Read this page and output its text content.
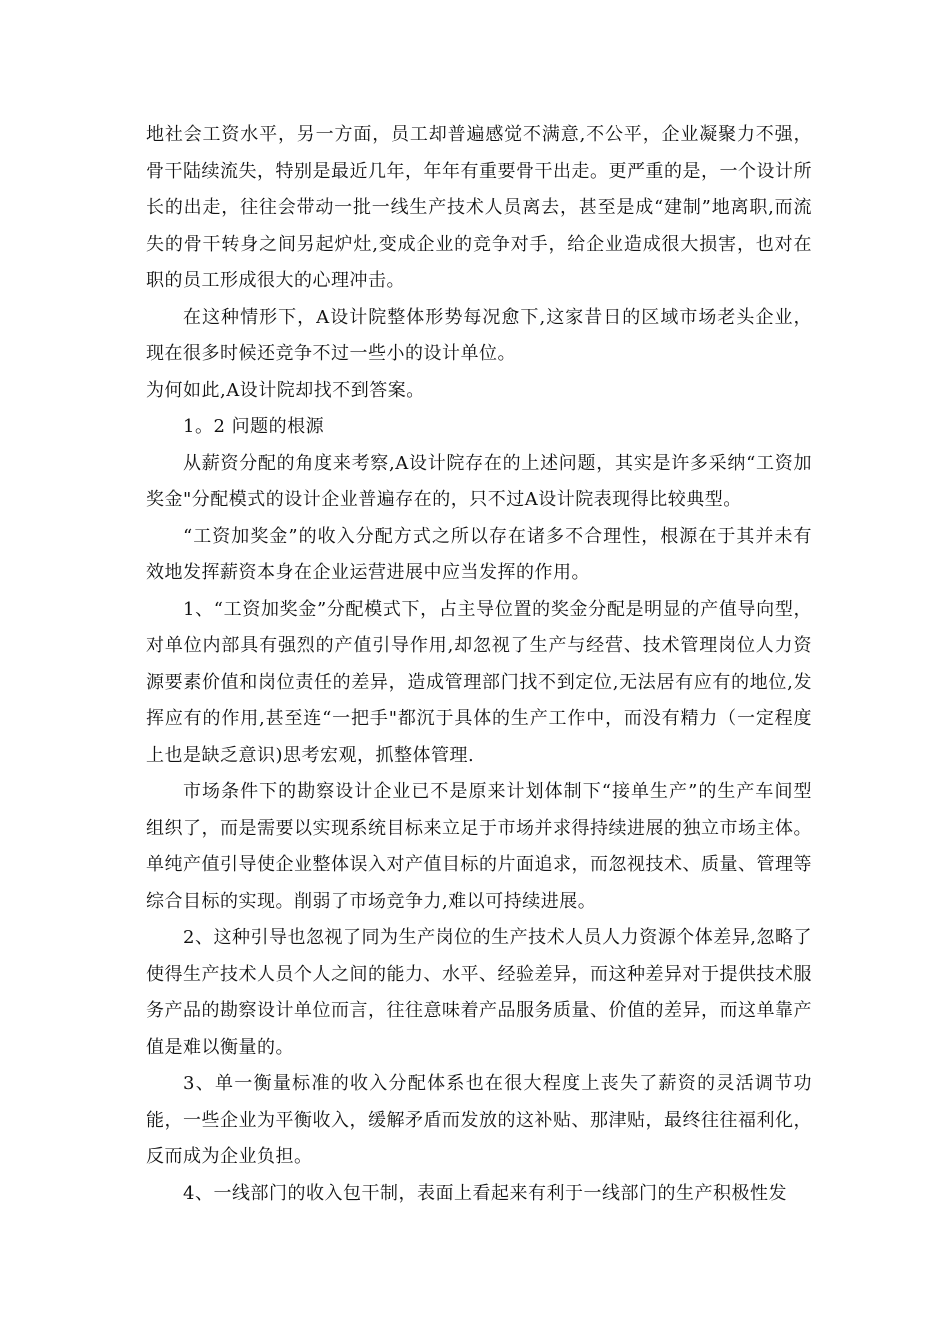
地社会工资水平，另一方面，员工却普遍感觉不满意,不公平，企业凝聚力不强，骨干陆续流失，特别是最近几年，年年有重要骨干出走。更严重的是，一个设计所长的出走，往往会带动一批一线生产技术人员离去，甚至是成“建制”地离职,而流失的骨干转身之间另起炉灶,变成企业的竞争对手，给企业造成很大损害，也对在职的员工形成很大的心理冲击。

在这种情形下，A设计院整体形势每况愈下,这家昔日的区域市场老头企业，现在很多时候还竞争不过一些小的设计单位。

为何如此,A设计院却找不到答案。

1。2 问题的根源

从薪资分配的角度来考察,A设计院存在的上述问题，其实是许多采纳“工资加奖金"分配模式的设计企业普遍存在的，只不过A设计院表现得比较典型。

“工资加奖金”的收入分配方式之所以存在诸多不合理性，根源在于其并未有效地发挥薪资本身在企业运营进展中应当发挥的作用。

1、“工资加奖金”分配模式下，占主导位置的奖金分配是明显的产值导向型，对单位内部具有强烈的产值引导作用,却忽视了生产与经营、技术管理岗位人力资源要素价值和岗位责任的差异，造成管理部门找不到定位,无法居有应有的地位,发挥应有的作用,甚至连“一把手"都沉于具体的生产工作中，而没有精力（一定程度上也是缺乏意识)思考宏观，抓整体管理.

市场条件下的勘察设计企业已不是原来计划体制下“接单生产”的生产车间型组织了，而是需要以实现系统目标来立足于市场并求得持续进展的独立市场主体。单纯产值引导使企业整体误入对产值目标的片面追求，而忽视技术、质量、管理等综合目标的实现。削弱了市场竞争力,难以可持续进展。

2、这种引导也忽视了同为生产岗位的生产技术人员人力资源个体差异,忽略了使得生产技术人员个人之间的能力、水平、经验差异，而这种差异对于提供技术服务产品的勘察设计单位而言，往往意味着产品服务质量、价值的差异，而这单靠产值是难以衡量的。

3、单一衡量标准的收入分配体系也在很大程度上丧失了薪资的灵活调节功能，一些企业为平衡收入，缓解矛盾而发放的这补贴、那津贴，最终往往福利化，反而成为企业负担。

4、一线部门的收入包干制，表面上看起来有利于一线部门的生产积极性发
